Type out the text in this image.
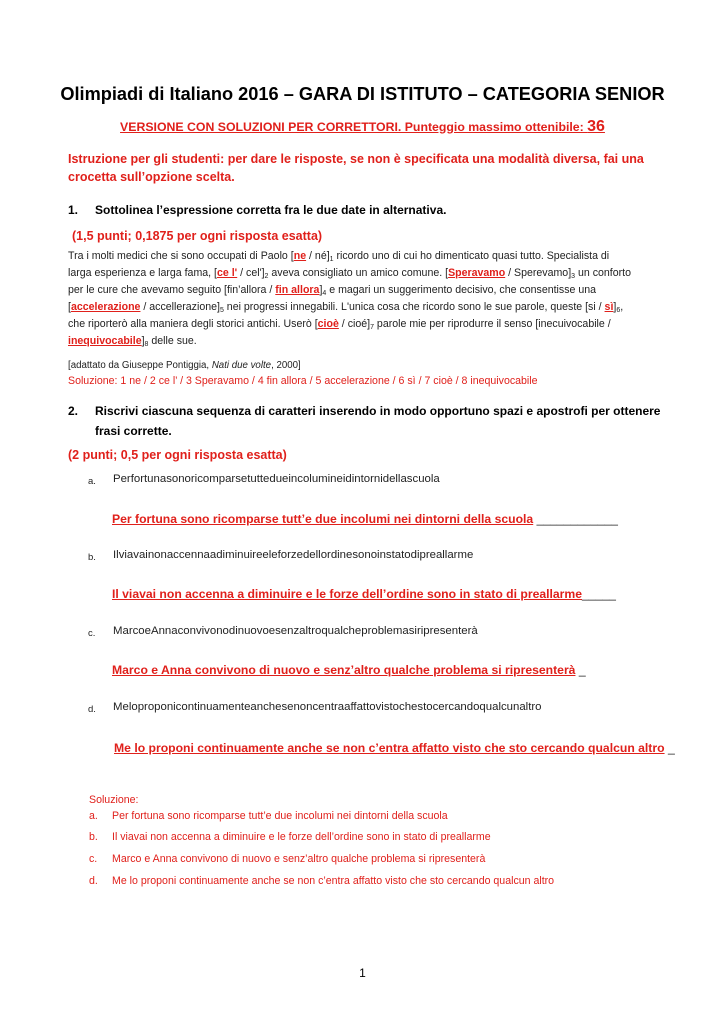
Olimpiadi di Italiano 2016 – GARA DI ISTITUTO – CATEGORIA SENIOR
VERSIONE CON SOLUZIONI PER CORRETTORI. Punteggio massimo ottenibile: 36
Istruzione per gli studenti: per dare le risposte, se non è specificata una modalità diversa, fai una
crocetta sull’opzione scelta.
1. Sottolinea l’espressione corretta fra le due date in alternativa.
(1,5 punti; 0,1875 per ogni risposta esatta)
Tra i molti medici che si sono occupati di Paolo $[ne / né]_1$ ricordo uno di cui ho dimenticato quasi tutto. Specialista di
larga esperienza e larga fama, [ce l' / $cel']_2$ aveva consigliato un amico comune. [Speravamo / $Sperevamo]_3$ un conforto
per le cure che avevamo seguito [fin’allora / fin $allora]_4$ e magari un suggerimento decisivo, che consentisse una
[accelerazione / $accellerazione]_5$ nei progressi innegabili. L'unica cosa che ricordo sono le sue parole, queste $[si / sì]_6$,
che riporterò alla maniera degli storici antichi. Userò [cioè / $cioé]_7$ parole mie per riprodurre il senso [inecuivocabile /
$inequivocabile]_8$ delle sue.
[adattato da Giuseppe Pontiggia, Nati due volte, 2000]
Soluzione: 1 ne / 2 ce l’ / 3 Speravamo / 4 fin allora / 5 accelerazione / 6 sì / 7 cioè / 8 inequivocabile
2. Riscrivi ciascuna sequenza di caratteri inserendo in modo opportuno spazi e apostrofi per ottenere
frasi corrette.
(2 punti; 0,5 per ogni risposta esatta)
a. Perfortunasonoricomparsetuttedueincolumineidintornidellascuola
Per fortuna sono ricomparse tutt’e due incolumi nei dintorni della scuola ____________
b. Ilviavainonaccennaadiminuireeleforzedellordinesonoinstatodipreallarme
Il viavai non accenna a diminuire e le forze dell’ordine sono in stato di preallarme_____
c. MarcoeAnnaconvivonodinuovoesenzaltroqualcheproblemasiripresenterà
Marco e Anna convivono di nuovo e senz’altro qualche problema si ripresenterà _
d. Meloproponicontinuamenteanchesenoncentraaffattovistochestocercandoqualcunaltro
Me lo proponi continuamente anche se non c’entra affatto visto che sto cercando qualcun altro _
Soluzione:
a. Per fortuna sono ricomparse tutt’e due incolumi nei dintorni della scuola
b. Il viavai non accenna a diminuire e le forze dell’ordine sono in stato di preallarme
c. Marco e Anna convivono di nuovo e senz’altro qualche problema si ripresenterà
d. Me lo proponi continuamente anche se non c’entra affatto visto che sto cercando qualcun altro
1
